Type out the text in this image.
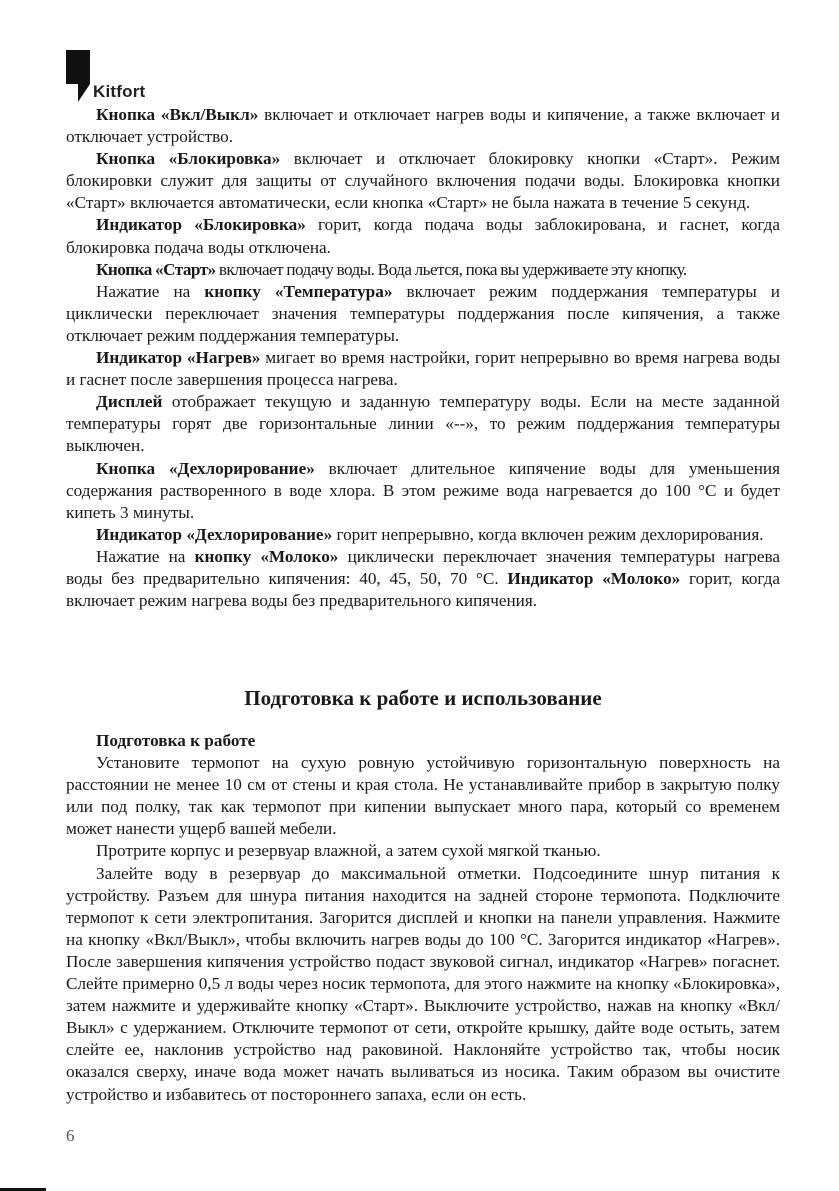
Kitfort

Кнопка «Вкл/Выкл» включает и отключает нагрев воды и кипячение, а также включает и отключает устройство.

Кнопка «Блокировка» включает и отключает блокировку кнопки «Старт». Режим блокировки служит для защиты от случайного включения подачи воды. Блокировка кнопки «Старт» включается автоматически, если кнопка «Старт» не была нажата в течение 5 секунд.

Индикатор «Блокировка» горит, когда подача воды заблокирована, и гаснет, когда блокировка подача воды отключена.

Кнопка «Старт» включает подачу воды. Вода льется, пока вы удерживаете эту кнопку.

Нажатие на кнопку «Температура» включает режим поддержания температуры и циклически переключает значения температуры поддержания после кипячения, а также отключает режим поддержания температуры.

Индикатор «Нагрев» мигает во время настройки, горит непрерывно во время нагрева воды и гаснет после завершения процесса нагрева.

Дисплей отображает текущую и заданную температуру воды. Если на месте заданной температуры горят две горизонтальные линии «--», то режим поддержания температуры выключен.

Кнопка «Дехлорирование» включает длительное кипячение воды для уменьшения содержания растворенного в воде хлора. В этом режиме вода нагревается до 100 °С и будет кипеть 3 минуты.

Индикатор «Дехлорирование» горит непрерывно, когда включен режим дехлорирования.

Нажатие на кнопку «Молоко» циклически переключает значения температуры нагрева воды без предварительно кипячения: 40, 45, 50, 70 °С. Индикатор «Молоко» горит, когда включает режим нагрева воды без предварительного кипячения.

Подготовка к работе и использование

Подготовка к работе

Установите термопот на сухую ровную устойчивую горизонтальную поверхность на расстоянии не менее 10 см от стены и края стола. Не устанавливайте прибор в закрытую полку или под полку, так как термопот при кипении выпускает много пара, который со временем может нанести ущерб вашей мебели.

Протрите корпус и резервуар влажной, а затем сухой мягкой тканью.

Залейте воду в резервуар до максимальной отметки. Подсоедините шнур питания к устройству. Разъем для шнура питания находится на задней стороне термопота. Подключите термопот к сети электропитания. Загорится дисплей и кнопки на панели управления. Нажмите на кнопку «Вкл/Выкл», чтобы включить нагрев воды до 100 °С. Загорится индикатор «Нагрев». После завершения кипячения устройство подаст звуковой сигнал, индикатор «Нагрев» погаснет. Слейте примерно 0,5 л воды через носик термопота, для этого нажмите на кнопку «Блокировка», затем нажмите и удерживайте кнопку «Старт». Выключите устройство, нажав на кнопку «Вкл/Выкл» с удержанием. Отключите термопот от сети, откройте крышку, дайте воде остыть, затем слейте ее, наклонив устройство над раковиной. Наклоняйте устройство так, чтобы носик оказался сверху, иначе вода может начать выливаться из носика. Таким образом вы очистите устройство и избавитесь от постороннего запаха, если он есть.

6
